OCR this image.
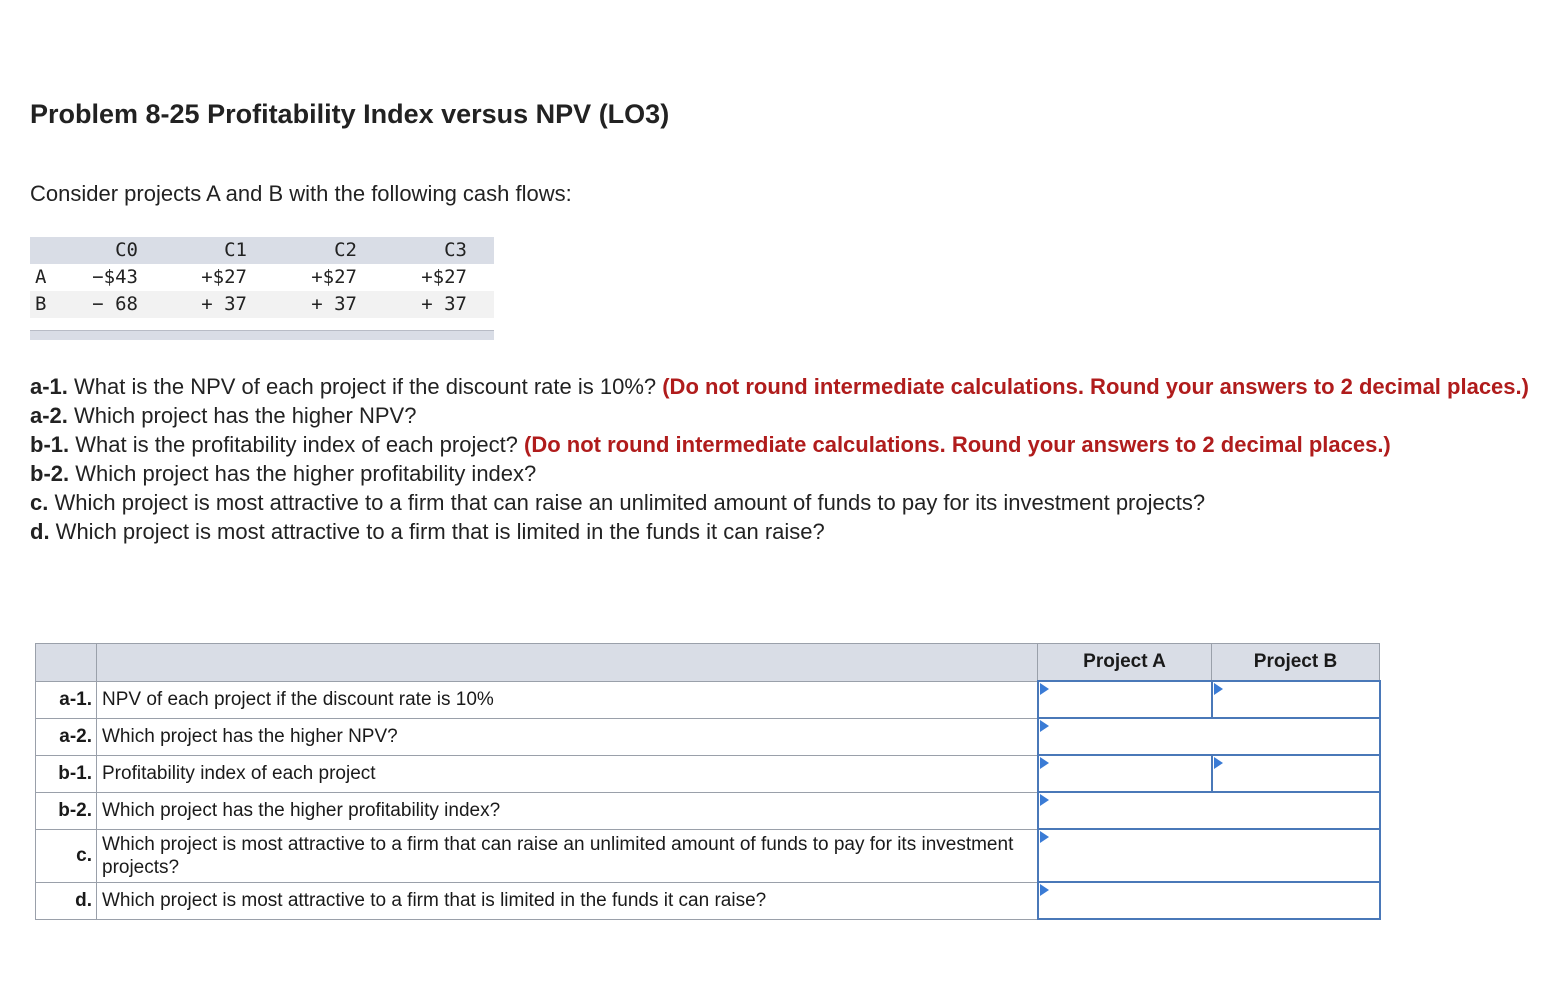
Problem 8-25 Profitability Index versus NPV (LO3)

Consider projects A and B with the following cash flows:

	C0	C1	C2	C3	
A	−$43	+$27	+$27	+$27	
B	− 68	+ 37	+ 37	+ 37	

a-1. What is the NPV of each project if the discount rate is 10%? (Do not round intermediate calculations. Round your answers to 2 decimal places.)
a-2. Which project has the higher NPV?
b-1. What is the profitability index of each project? (Do not round intermediate calculations. Round your answers to 2 decimal places.)
b-2. Which project has the higher profitability index?
c. Which project is most attractive to a firm that can raise an unlimited amount of funds to pay for its investment projects?
d. Which project is most attractive to a firm that is limited in the funds it can raise?
		Project A	Project B
a-1.	NPV of each project if the discount rate is 10%		
a-2.	Which project has the higher NPV?		
b-1.	Profitability index of each project		
b-2.	Which project has the higher profitability index?		
c.	Which project is most attractive to a firm that can raise an unlimited amount of funds to pay for its investment projects?		
d.	Which project is most attractive to a firm that is limited in the funds it can raise?		
